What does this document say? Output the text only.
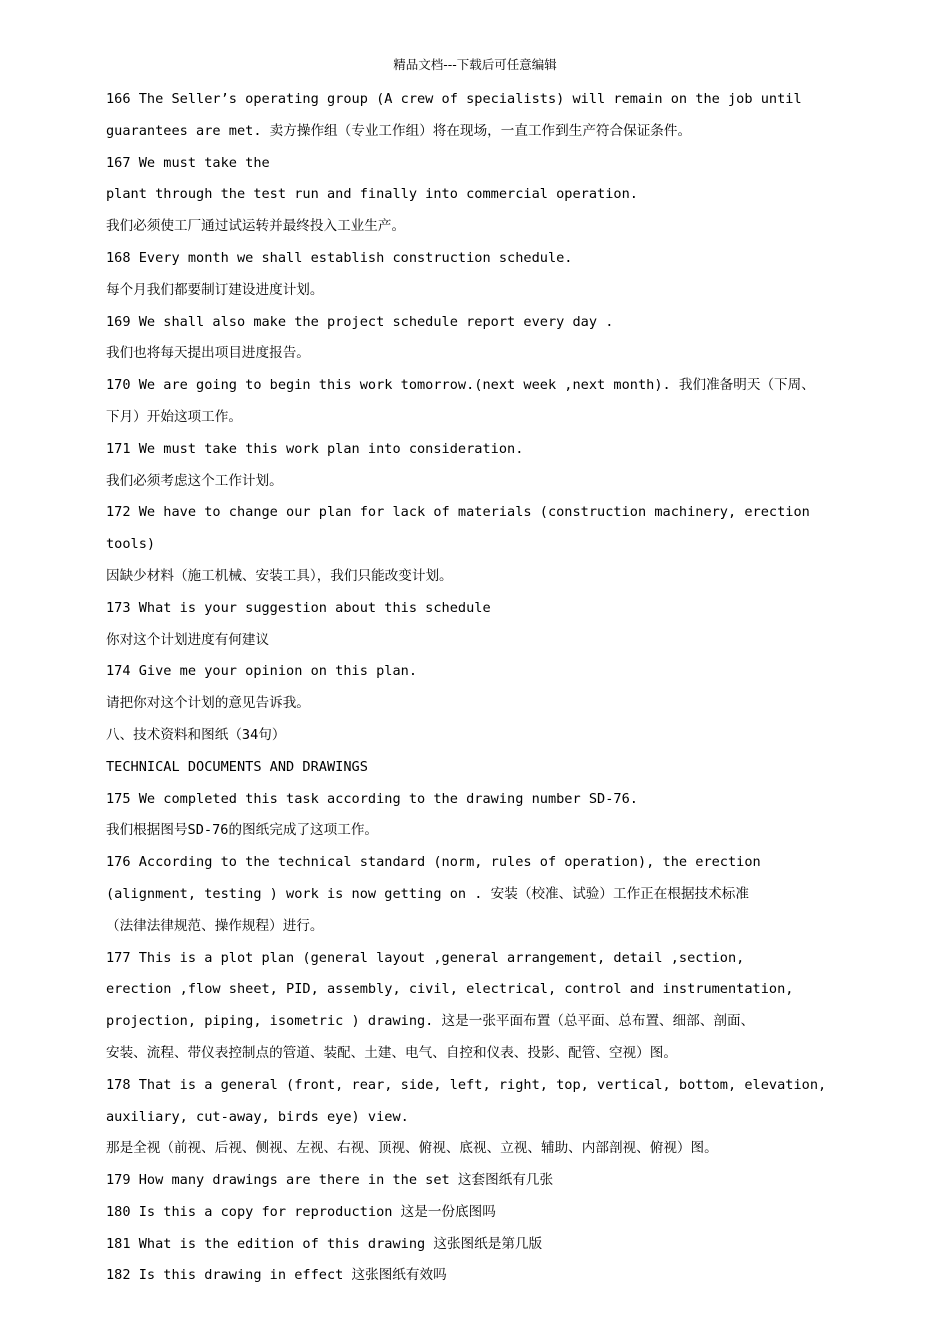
精品文档---下载后可任意编辑
166 The Seller’s operating group (A crew of specialists) will remain on the job until
guarantees are met. 卖方操作组（专业工作组）将在现场，一直工作到生产符合保证条件。
167 We must take the
plant through the test run and finally into commercial operation.
我们必须使工厂通过试运转并最终投入工业生产。
168 Every month we shall establish construction schedule.
每个月我们都要制订建设进度计划。
169 We shall also make the project schedule report every day .
我们也将每天提出项目进度报告。
170 We are going to begin this work tomorrow.(next week ,next month). 我们准备明天（下周、
下月）开始这项工作。
171 We must take this work plan into consideration.
我们必须考虑这个工作计划。
172 We have to change our plan for lack of materials (construction machinery, erection
tools)
因缺少材料（施工机械、安装工具），我们只能改变计划。
173 What is your suggestion about this schedule
你对这个计划进度有何建议
174 Give me your opinion on this plan.
请把你对这个计划的意见告诉我。
八、技术资料和图纸（34句）
TECHNICAL DOCUMENTS AND DRAWINGS
175 We completed this task according to the drawing number SD-76.
我们根据图号SD-76的图纸完成了这项工作。
176 According to the technical standard (norm, rules of operation), the erection
(alignment, testing ) work is now getting on . 安装（校准、试验）工作正在根据技术标准
（法律法律规范、操作规程）进行。
177 This is a plot plan (general layout ,general arrangement, detail ,section,
erection ,flow sheet, PID, assembly, civil, electrical, control and instrumentation,
projection, piping, isometric ) drawing. 这是一张平面布置（总平面、总布置、细部、剖面、
安装、流程、带仪表控制点的管道、装配、土建、电气、自控和仪表、投影、配管、空视）图。
178 That is a general (front, rear, side, left, right, top, vertical, bottom, elevation,
auxiliary, cut-away, birds eye) view.
那是全视（前视、后视、侧视、左视、右视、顶视、俯视、底视、立视、辅助、内部剖视、俯视）图。
179 How many drawings are there in the set 这套图纸有几张
180 Is this a copy for reproduction 这是一份底图吗
181 What is the edition of this drawing 这张图纸是第几版
182 Is this drawing in effect 这张图纸有效吗
